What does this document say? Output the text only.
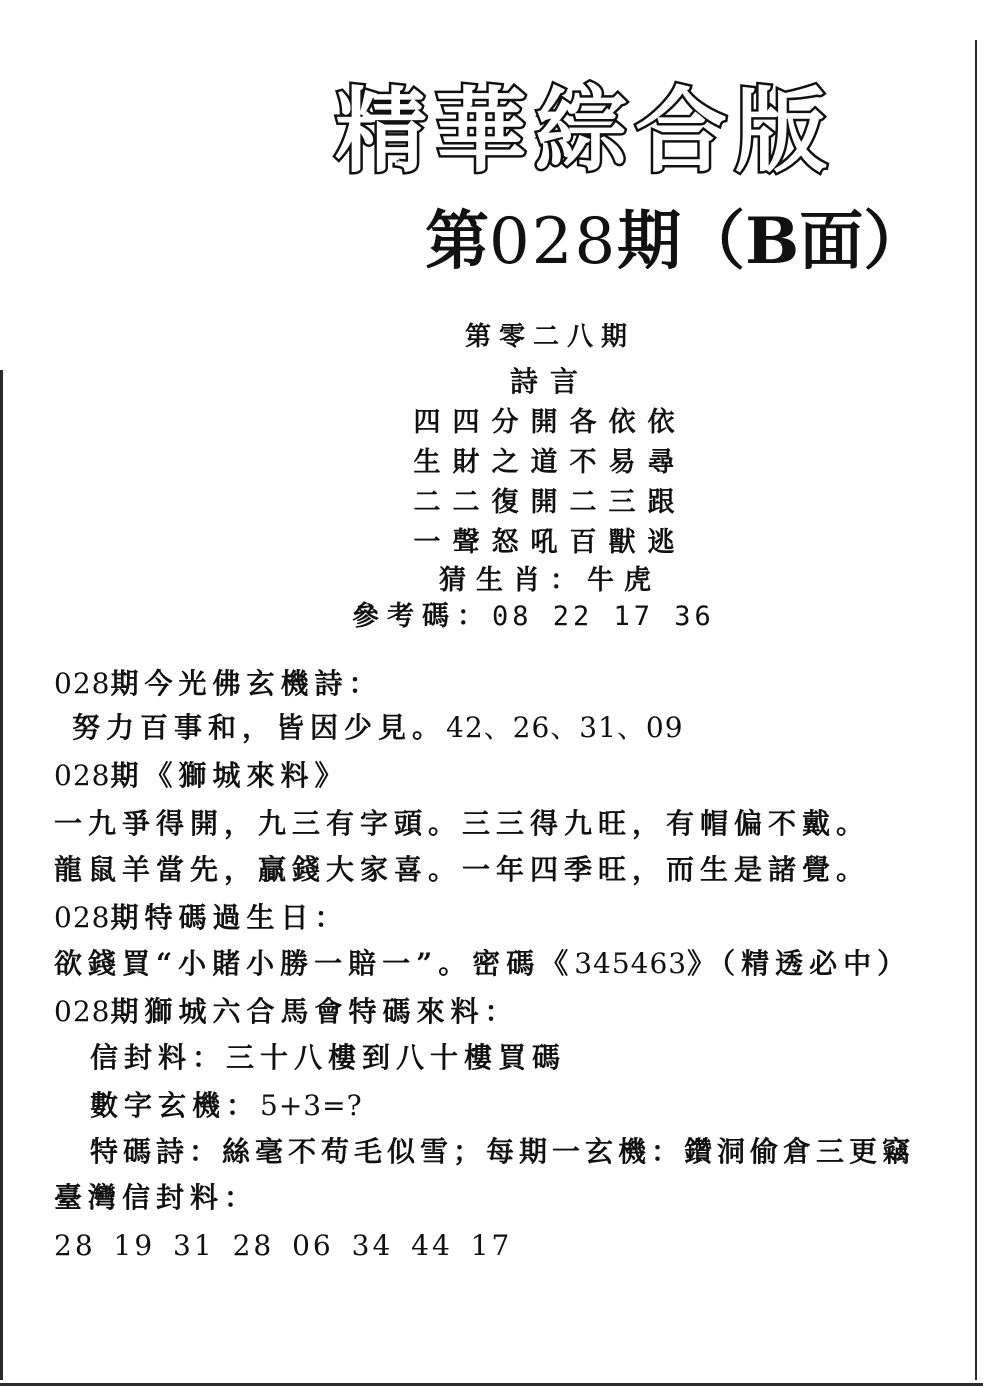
精華綜合版
第028期（B面）
第零二八期
詩言
四四分開各依依
生財之道不易尋
二二復開二三跟
一聲怒吼百獸逃
猜生肖：牛虎
參考碼：08 22 17 36
028期今光佛玄機詩：
努力百事和，皆因少見。42、26、31、09
028期《獅城來料》
一九爭得開，九三有字頭。三三得九旺，有帽偏不戴。
龍鼠羊當先，贏錢大家喜。一年四季旺，而生是諸覺。
028期特碼過生日：
欲錢買“小賭小勝一賠一”。密碼《345463》（精透必中）
028期獅城六合馬會特碼來料：
信封料：三十八樓到八十樓買碼
數字玄機：5+3=?
特碼詩：絲毫不苟毛似雪；每期一玄機：鑽洞偷倉三更竊
臺灣信封料：
28 19 31 28 06 34 44 17
